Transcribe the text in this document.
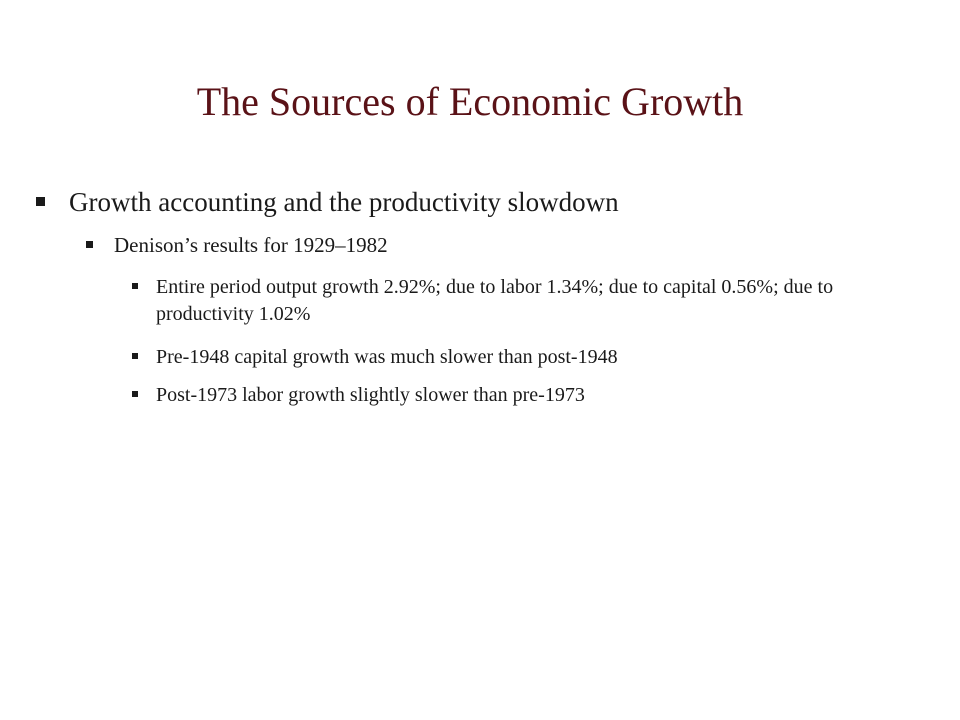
The Sources of Economic Growth
Growth accounting and the productivity slowdown
Denison’s results for 1929–1982
Entire period output growth 2.92%; due to labor 1.34%; due to capital 0.56%; due to productivity 1.02%
Pre-1948 capital growth was much slower than post-1948
Post-1973 labor growth slightly slower than pre-1973
